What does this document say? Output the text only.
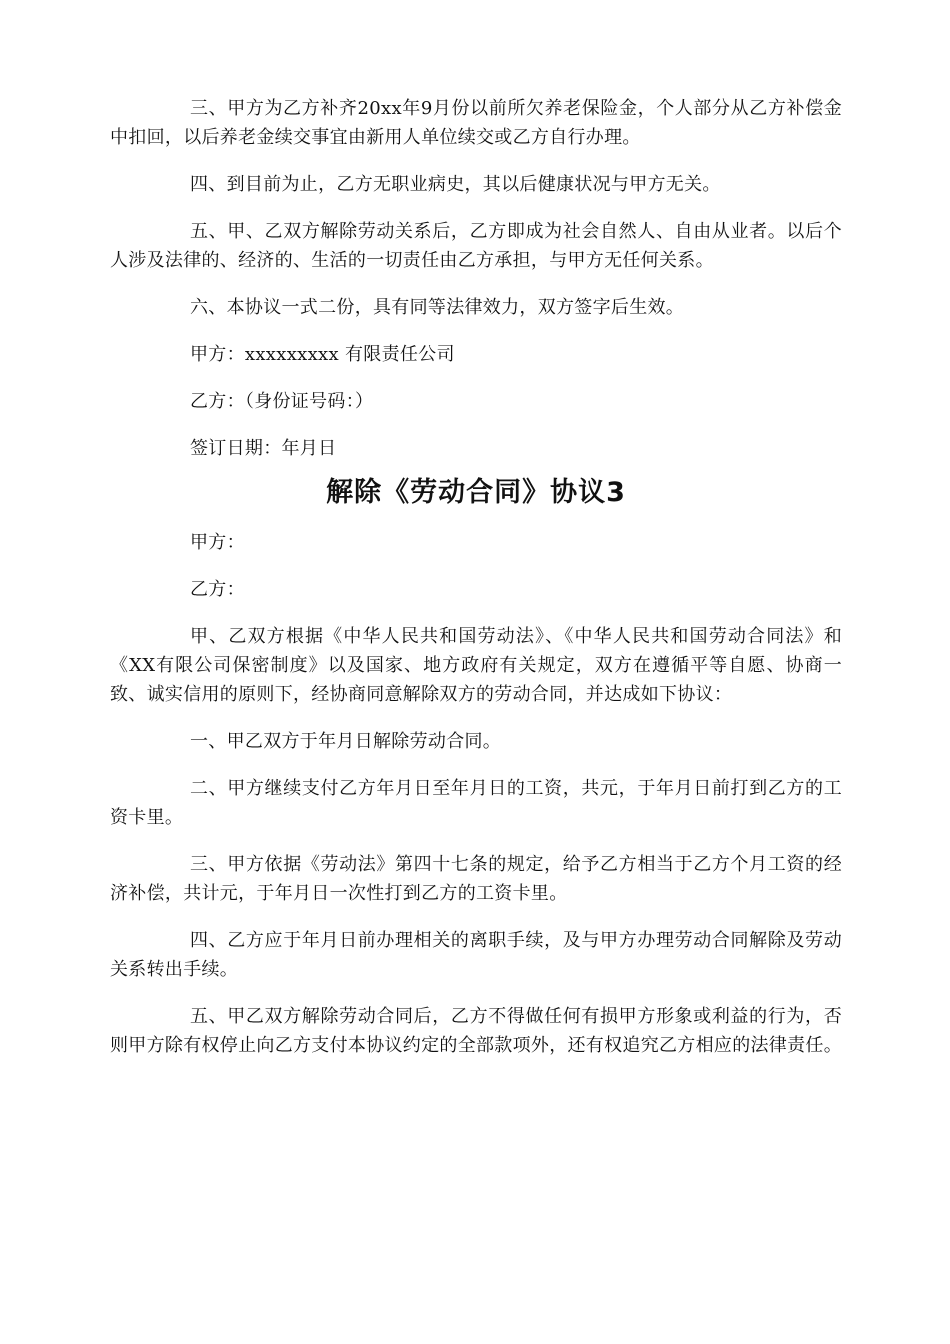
三、甲方为乙方补齐20xx年9月份以前所欠养老保险金，个人部分从乙方补偿金中扣回，以后养老金续交事宜由新用人单位续交或乙方自行办理。

四、到目前为止，乙方无职业病史，其以后健康状况与甲方无关。

五、甲、乙双方解除劳动关系后，乙方即成为社会自然人、自由从业者。以后个人涉及法律的、经济的、生活的一切责任由乙方承担，与甲方无任何关系。

六、本协议一式二份，具有同等法律效力，双方签字后生效。

甲方：xxxxxxxxx 有限责任公司

乙方：（身份证号码：）

签订日期：年月日

解除《劳动合同》协议3

甲方：

乙方：

甲、乙双方根据《中华人民共和国劳动法》、《中华人民共和国劳动合同法》和《XX有限公司保密制度》以及国家、地方政府有关规定，双方在遵循平等自愿、协商一致、诚实信用的原则下，经协商同意解除双方的劳动合同，并达成如下协议：

一、甲乙双方于年月日解除劳动合同。

二、甲方继续支付乙方年月日至年月日的工资，共元，于年月日前打到乙方的工资卡里。

三、甲方依据《劳动法》第四十七条的规定，给予乙方相当于乙方个月工资的经济补偿，共计元，于年月日一次性打到乙方的工资卡里。

四、乙方应于年月日前办理相关的离职手续，及与甲方办理劳动合同解除及劳动关系转出手续。

五、甲乙双方解除劳动合同后，乙方不得做任何有损甲方形象或利益的行为，否则甲方除有权停止向乙方支付本协议约定的全部款项外，还有权追究乙方相应的法律责任。
